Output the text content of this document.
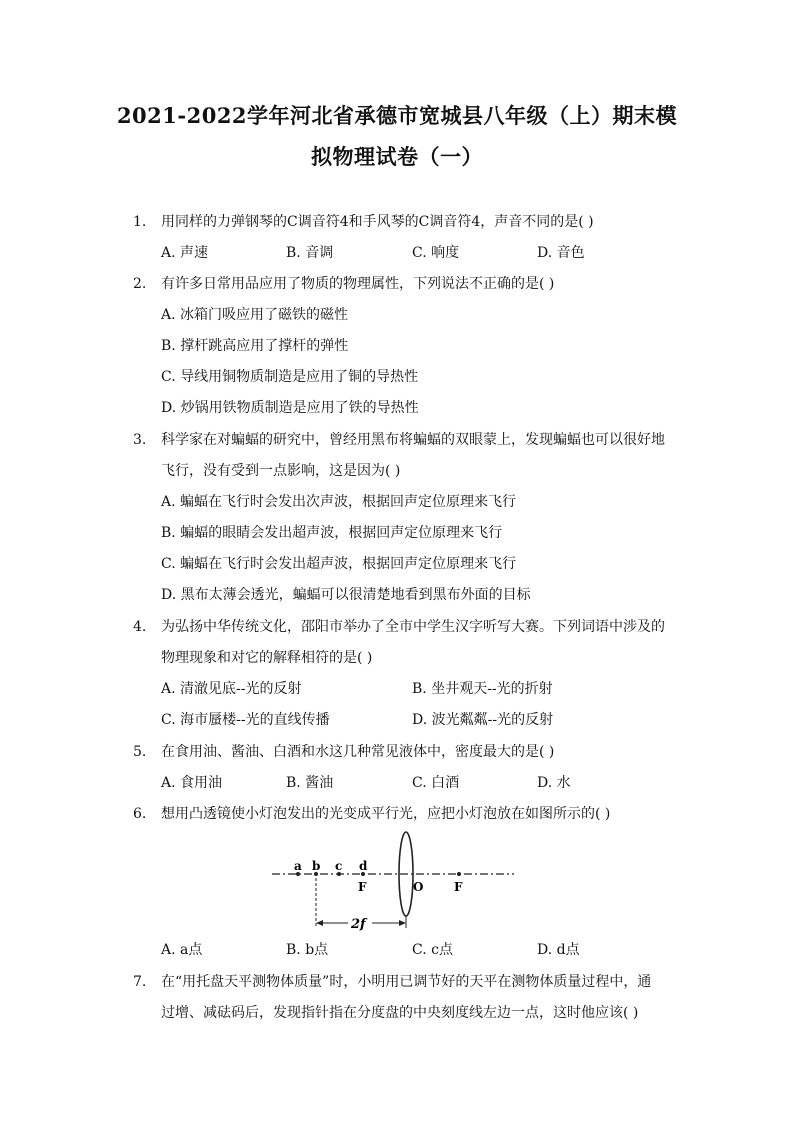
2021-2022学年河北省承德市宽城县八年级（上）期末模
拟物理试卷（一）
1.	用同样的力弹钢琴的C调音符4和手风琴的C调音符4，声音不同的是( )
A. 声速	B. 音调	C. 响度	D. 音色
2.	有许多日常用品应用了物质的物理属性，下列说法不正确的是( )
A. 冰箱门吸应用了磁铁的磁性
B. 撑杆跳高应用了撑杆的弹性
C. 导线用铜物质制造是应用了铜的导热性
D. 炒锅用铁物质制造是应用了铁的导热性
3.	科学家在对蝙蝠的研究中，曾经用黑布将蝙蝠的双眼蒙上，发现蝙蝠也可以很好地
飞行，没有受到一点影响，这是因为( )
A. 蝙蝠在飞行时会发出次声波，根据回声定位原理来飞行
B. 蝙蝠的眼睛会发出超声波，根据回声定位原理来飞行
C. 蝙蝠在飞行时会发出超声波，根据回声定位原理来飞行
D. 黑布太薄会透光，蝙蝠可以很清楚地看到黑布外面的目标
4.	为弘扬中华传统文化，邵阳市举办了全市中学生汉字听写大赛。下列词语中涉及的
物理现象和对它的解释相符的是( )
A. 清澈见底--光的反射	B. 坐井观天--光的折射
C. 海市蜃楼--光的直线传播	D. 波光粼粼--光的反射
5.	在食用油、酱油、白酒和水这几种常见液体中，密度最大的是( )
A. 食用油	B. 酱油	C. 白酒	D. 水
6.	想用凸透镜使小灯泡发出的光变成平行光，应把小灯泡放在如图所示的( )
a b c d
F	O	F
2f
A. a点	B. b点	C. c点	D. d点
7.	在“用托盘天平测物体质量”时，小明用已调节好的天平在测物体质量过程中，通
过增、减砝码后，发现指针指在分度盘的中央刻度线左边一点，这时他应该( )
